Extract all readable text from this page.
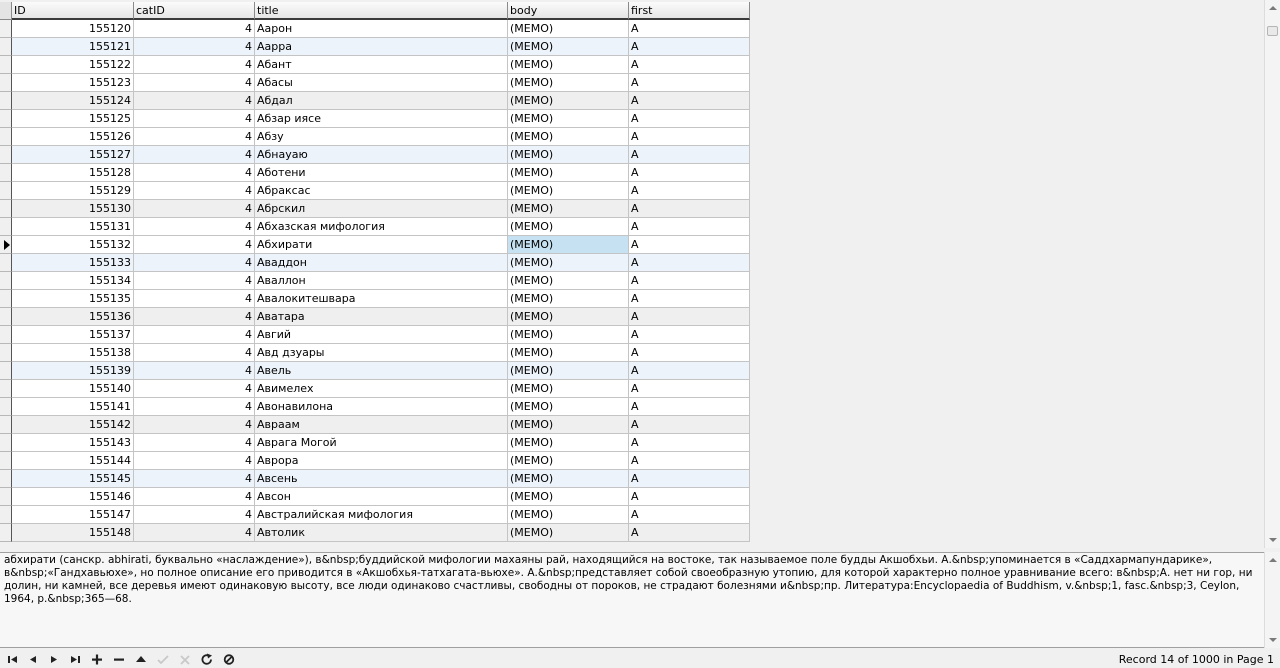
ID	catID	title	body	first
155120	4 Аарон	(MEMO)	А
155121	4 Аарра	(MEMO)	А
155122	4 Абант	(MEMO)	А
155123	4 Абасы	(MEMO)	А
155124	4 Абдал	(MEMO)	А
155125	4 Абзар иясе	(MEMO)	А
155126	4 Абзу	(MEMO)	А
155127	4 Абнауаю	(MEMO)	А
155128	4 Аботени	(MEMO)	А
155129	4 Абраксас	(MEMO)	А
155130	4 Абрскил	(MEMO)	А
155131	4 Абхазская мифология	(MEMO)	А
155132	4 Абхирати	(MEMO)	А
155133	4 Аваддон	(MEMO)	А
155134	4 Аваллон	(MEMO)	А
155135	4 Авалокитешвара	(MEMO)	А
155136	4 Аватара	(MEMO)	А
155137	4 Авгий	(MEMO)	А
155138	4 Авд дзуары	(MEMO)	А
155139	4 Авель	(MEMO)	А
155140	4 Авимелех	(MEMO)	А
155141	4 Авонавилона	(MEMO)	А
155142	4 Авраам	(MEMO)	А
155143	4 Аврага Могой	(MEMO)	А
155144	4 Аврора	(MEMO)	А
155145	4 Авсень	(MEMO)	А
155146	4 Авсон	(MEMO)	А
155147	4 Австралийская мифология	(MEMO)	А
155148	4 Автолик	(MEMO)	А
абхирати (санскр. abhirati, буквально «наслаждение»), в&nbsp;буддийской мифологии махаяны рай, находящийся на востоке, так называемое поле будды Акшобхьи. А.&nbsp;упоминается в «Саддхармапундарике», в&nbsp;«Гандхавьюхе», но полное описание его приводится в «Акшобхья-татхагата-вьюхе». А.&nbsp;представляет собой своеобразную утопию, для которой характерно полное уравнивание всего: в&nbsp;А. нет ни гор, ни долин, ни камней, все деревья имеют одинаковую высоту, все люди одинаково счастливы, свободны от пороков, не страдают болезнями и&nbsp;пр. Литература:Encyclopaedia of Buddhism, v.&nbsp;1, fasc.&nbsp;3, Ceylon, 1964, p.&nbsp;365—68.
Record 14 of 1000 in Page 1
